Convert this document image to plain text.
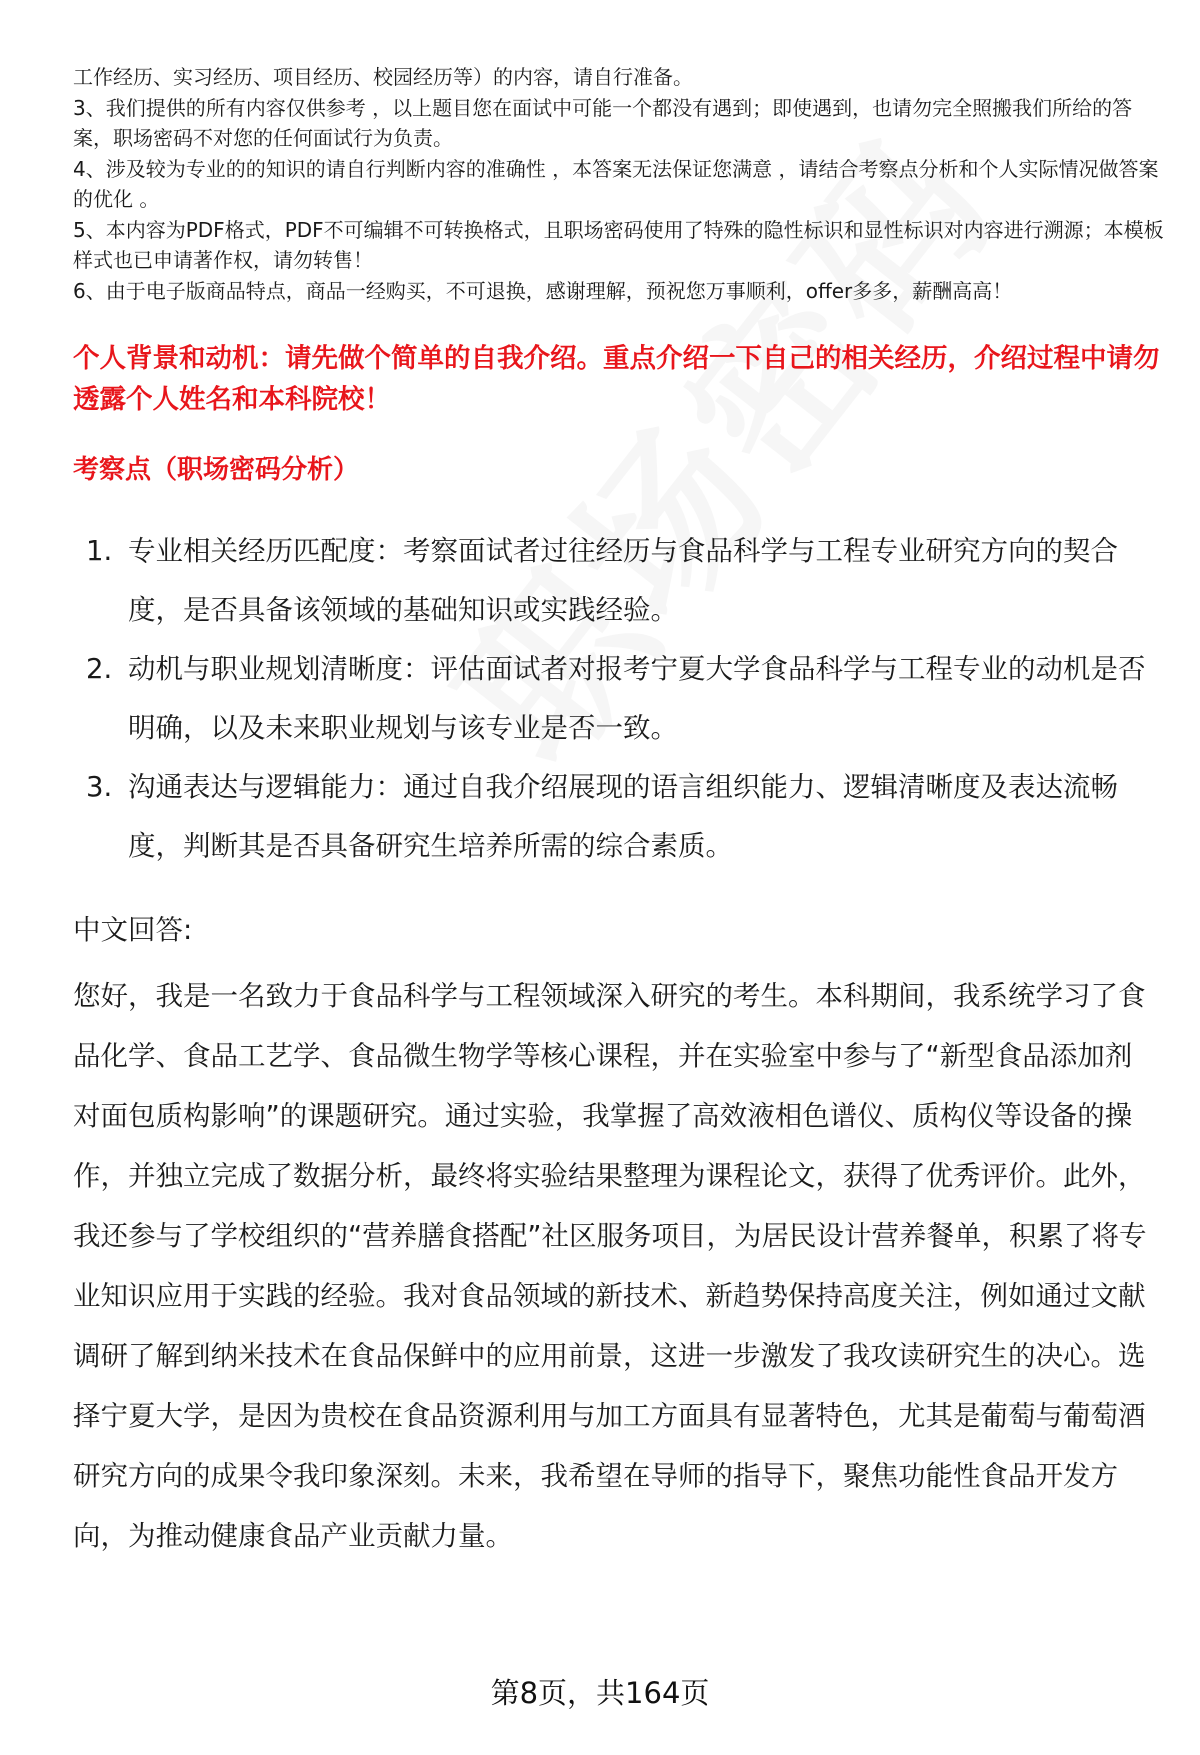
工作经历、实习经历、项目经历、校园经历等）的内容，请自行准备。

3、我们提供的所有内容仅供参考 ，以上题目您在面试中可能一个都没有遇到；即使遇到，也请勿完全照搬我们所给的答案，职场密码不对您的任何面试行为负责。

4、涉及较为专业的的知识的请自行判断内容的准确性 ，本答案无法保证您满意 ，请结合考察点分析和个人实际情况做答案的优化 。

5、本内容为PDF格式，PDF不可编辑不可转换格式，且职场密码使用了特殊的隐性标识和显性标识对内容进行溯源；本模板样式也已申请著作权，请勿转售！

6、由于电子版商品特点，商品一经购买，不可退换，感谢理解，预祝您万事顺利，offer多多，薪酬高高！

个人背景和动机：请先做个简单的自我介绍。重点介绍一下自己的相关经历，介绍过程中请勿透露个人姓名和本科院校！

考察点（职场密码分析）
1. 专业相关经历匹配度：考察面试者过往经历与食品科学与工程专业研究方向的契合度，是否具备该领域的基础知识或实践经验。
2. 动机与职业规划清晰度：评估面试者对报考宁夏大学食品科学与工程专业的动机是否明确，以及未来职业规划与该专业是否一致。
3. 沟通表达与逻辑能力：通过自我介绍展现的语言组织能力、逻辑清晰度及表达流畅度，判断其是否具备研究生培养所需的综合素质。
中文回答:

您好，我是一名致力于食品科学与工程领域深入研究的考生。本科期间，我系统学习了食品化学、食品工艺学、食品微生物学等核心课程，并在实验室中参与了“新型食品添加剂对面包质构影响”的课题研究。通过实验，我掌握了高效液相色谱仪、质构仪等设备的操作，并独立完成了数据分析，最终将实验结果整理为课程论文，获得了优秀评价。此外，我还参与了学校组织的“营养膳食搭配”社区服务项目，为居民设计营养餐单，积累了将专业知识应用于实践的经验。我对食品领域的新技术、新趋势保持高度关注，例如通过文献调研了解到纳米技术在食品保鲜中的应用前景，这进一步激发了我攻读研究生的决心。选择宁夏大学，是因为贵校在食品资源利用与加工方面具有显著特色，尤其是葡萄与葡萄酒研究方向的成果令我印象深刻。未来，我希望在导师的指导下，聚焦功能性食品开发方向，为推动健康食品产业贡献力量。

第8页，共164页
